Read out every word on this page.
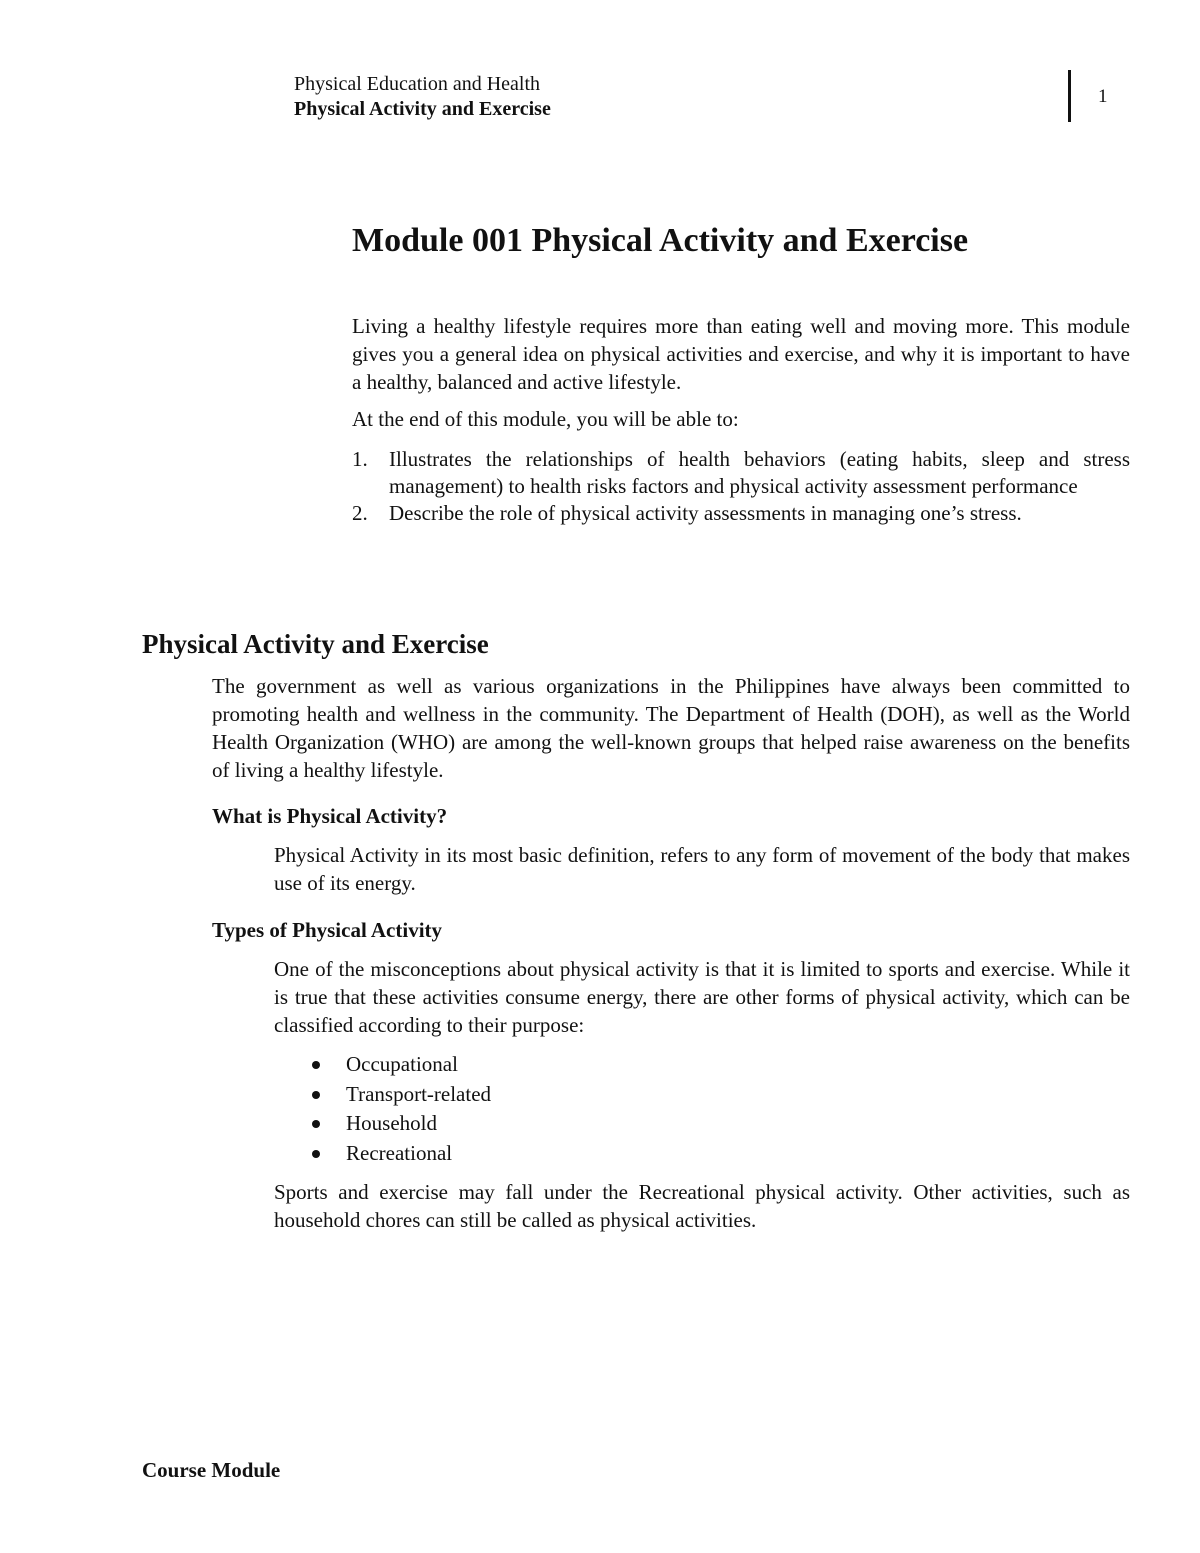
Physical Education and Health
Physical Activity and Exercise
1
Module 001 Physical Activity and Exercise

Living a healthy lifestyle requires more than eating well and moving more. This module gives you a general idea on physical activities and exercise, and why it is important to have a healthy, balanced and active lifestyle.

At the end of this module, you will be able to:

1. Illustrates the relationships of health behaviors (eating habits, sleep and stress management) to health risks factors and physical activity assessment performance
2. Describe the role of physical activity assessments in managing one’s stress.
Physical Activity and Exercise

The government as well as various organizations in the Philippines have always been committed to promoting health and wellness in the community. The Department of Health (DOH), as well as the World Health Organization (WHO) are among the well-known groups that helped raise awareness on the benefits of living a healthy lifestyle.

What is Physical Activity?

Physical Activity in its most basic definition, refers to any form of movement of the body that makes use of its energy.

Types of Physical Activity

One of the misconceptions about physical activity is that it is limited to sports and exercise. While it is true that these activities consume energy, there are other forms of physical activity, which can be classified according to their purpose:

Occupational
Transport-related
Household
Recreational

Sports and exercise may fall under the Recreational physical activity. Other activities, such as household chores can still be called as physical activities.

Course Module
